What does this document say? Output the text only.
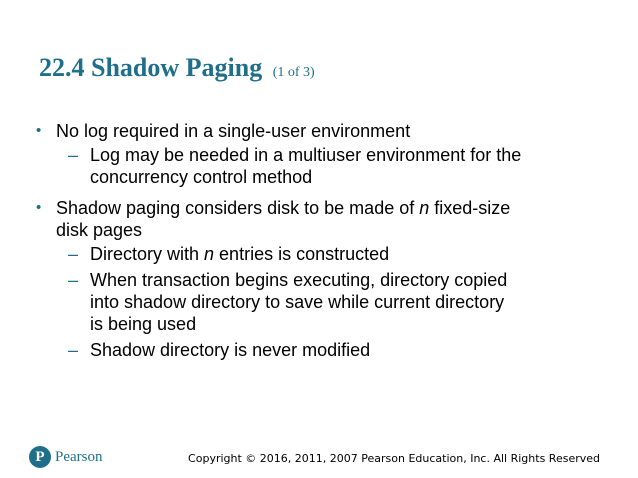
22.4 Shadow Paging (1 of 3)
• No log required in a single-user environment
– Log may be needed in a multiuser environment for the
concurrency control method
• Shadow paging considers disk to be made of n fixed-size
disk pages
– Directory with n entries is constructed
– When transaction begins executing, directory copied
into shadow directory to save while current directory
is being used
– Shadow directory is never modified
P Pearson	Copyright © 2016, 2011, 2007 Pearson Education, Inc. All Rights Reserved
